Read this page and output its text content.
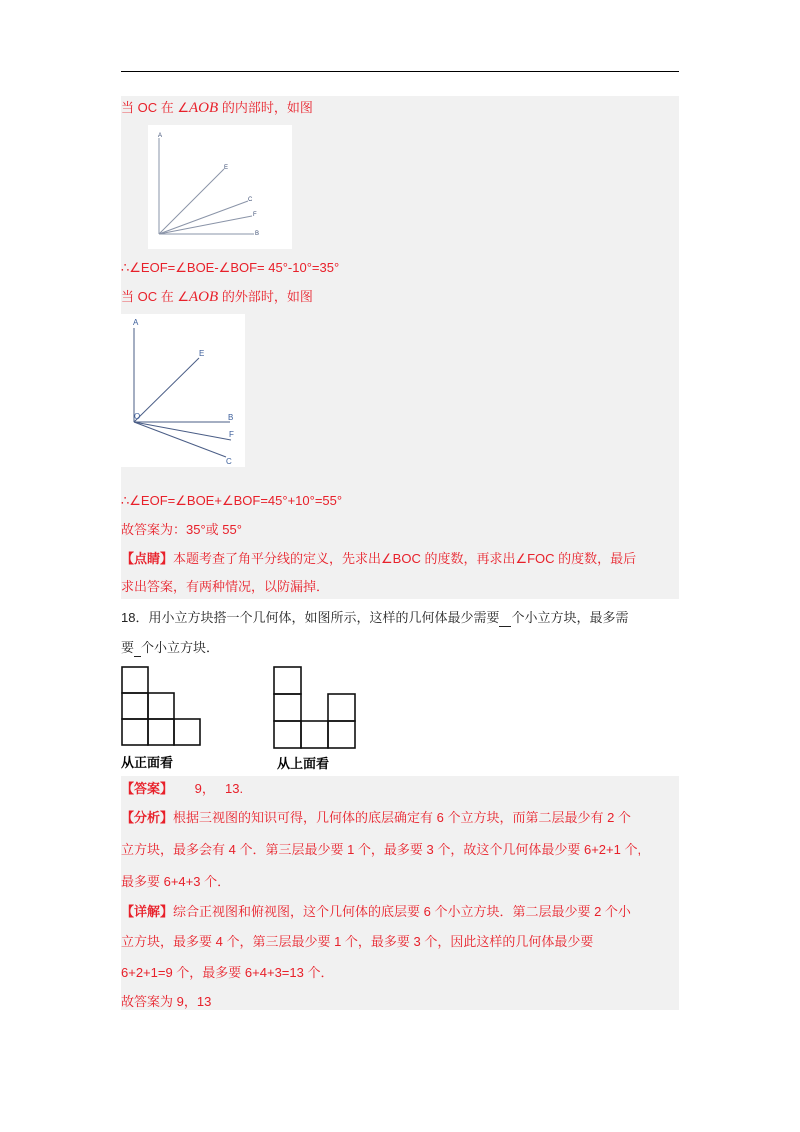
当 OC 在 ∠AOB 的内部时，如图
A
E
C
F
B
∴∠EOF=∠BOE-∠BOF= 45°-10°=35°
当 OC 在 ∠AOB 的外部时，如图
A
E
O	B
F
C
∴∠EOF=∠BOE+∠BOF=45°+10°=55°
故答案为：35°或 55°
【点睛】本题考查了角平分线的定义，先求出∠BOC 的度数，再求出∠FOC 的度数，最后
求出答案，有两种情况，以防漏掉．
18．用小立方块搭一个几何体，如图所示，这样的几何体最少需要 个小立方块，最多需
要 个小立方块．
从正面看	从上面看
【答案】 9，　 13.
【分析】根据三视图的知识可得，几何体的底层确定有 6 个立方块，而第二层最少有 2 个
立方块，最多会有 4 个．第三层最少要 1 个，最多要 3 个，故这个几何体最少要 6+2+1 个,
最多要 6+4+3 个．
【详解】综合正视图和俯视图，这个几何体的底层要 6 个小立方块．第二层最少要 2 个小
立方块，最多要 4 个，第三层最少要 1 个，最多要 3 个，因此这样的几何体最少要
6+2+1=9 个，最多要 6+4+3=13 个．
故答案为 9，13
